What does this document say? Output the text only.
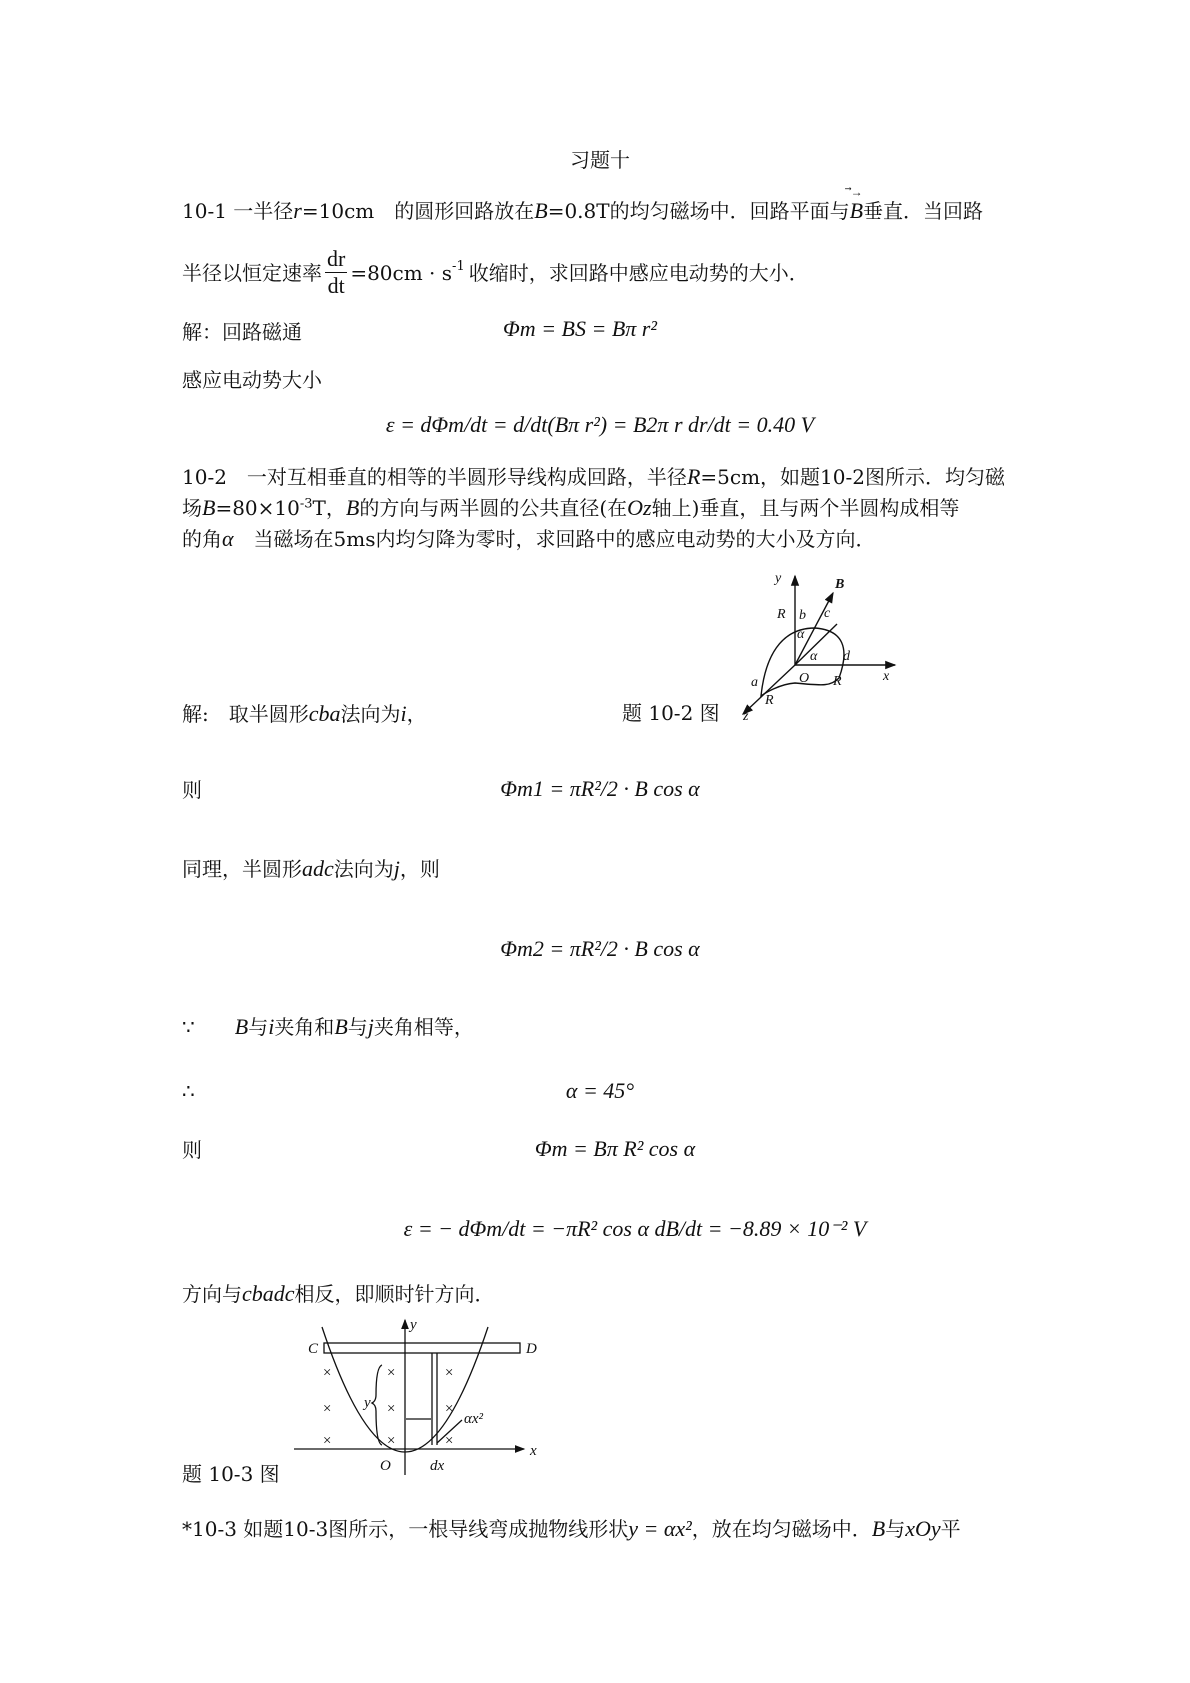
习题十
10-1 一半径r=10cm　的圆形回路放在B=0.8T的均匀磁场中．回路平面与B
→
垂直．当回路
半径以恒定速率 $\frac{dr}{dt} =80cm \cdot s^{-1}$ 收缩时，求回路中感应电动势的大小．
解：回路磁通	Φm = BS = Bπ r²
感应电动势大小
ε = dΦm/dt = d/dt(Bπ r²) = B2π r dr/dt = 0.40 V
10-2　一对互相垂直的相等的半圆形导线构成回路，半径R=5cm，如题10-2图所示．均匀磁
场$B=80\times 10^{-3}T$，B的方向与两半圆的公共直径(在Oz轴上)垂直，且与两个半圆构成相等
的角α　当磁场在5ms内均匀降为零时，求回路中的感应电动势的大小及方向．
y	B
R b c
α
α d
O	x
a	R
R
z
解:　取半圆形cba法向为i，	题 10-2 图
则	Φm1 = πR²/2 · B cos α
同理，半圆形adc法向为j，则
Φm2 = πR²/2 · B cos α
∵　　 B与i夹角和B与j夹角相等，
∴	α = 45°
则	Φm = Bπ R² cos α
ε = − dΦm/dt = −πR² cos α dB/dt = −8.89 × 10⁻² V
方向与cbadc相反，即顺时针方向．
C	D
y
y
αx²
O	dx
x
×	×	×
×	×	×
×	×	×
题 10-3 图
*10-3 如题10-3图所示，一根导线弯成抛物线形状y = αx²，放在均匀磁场中．B与xOy平
